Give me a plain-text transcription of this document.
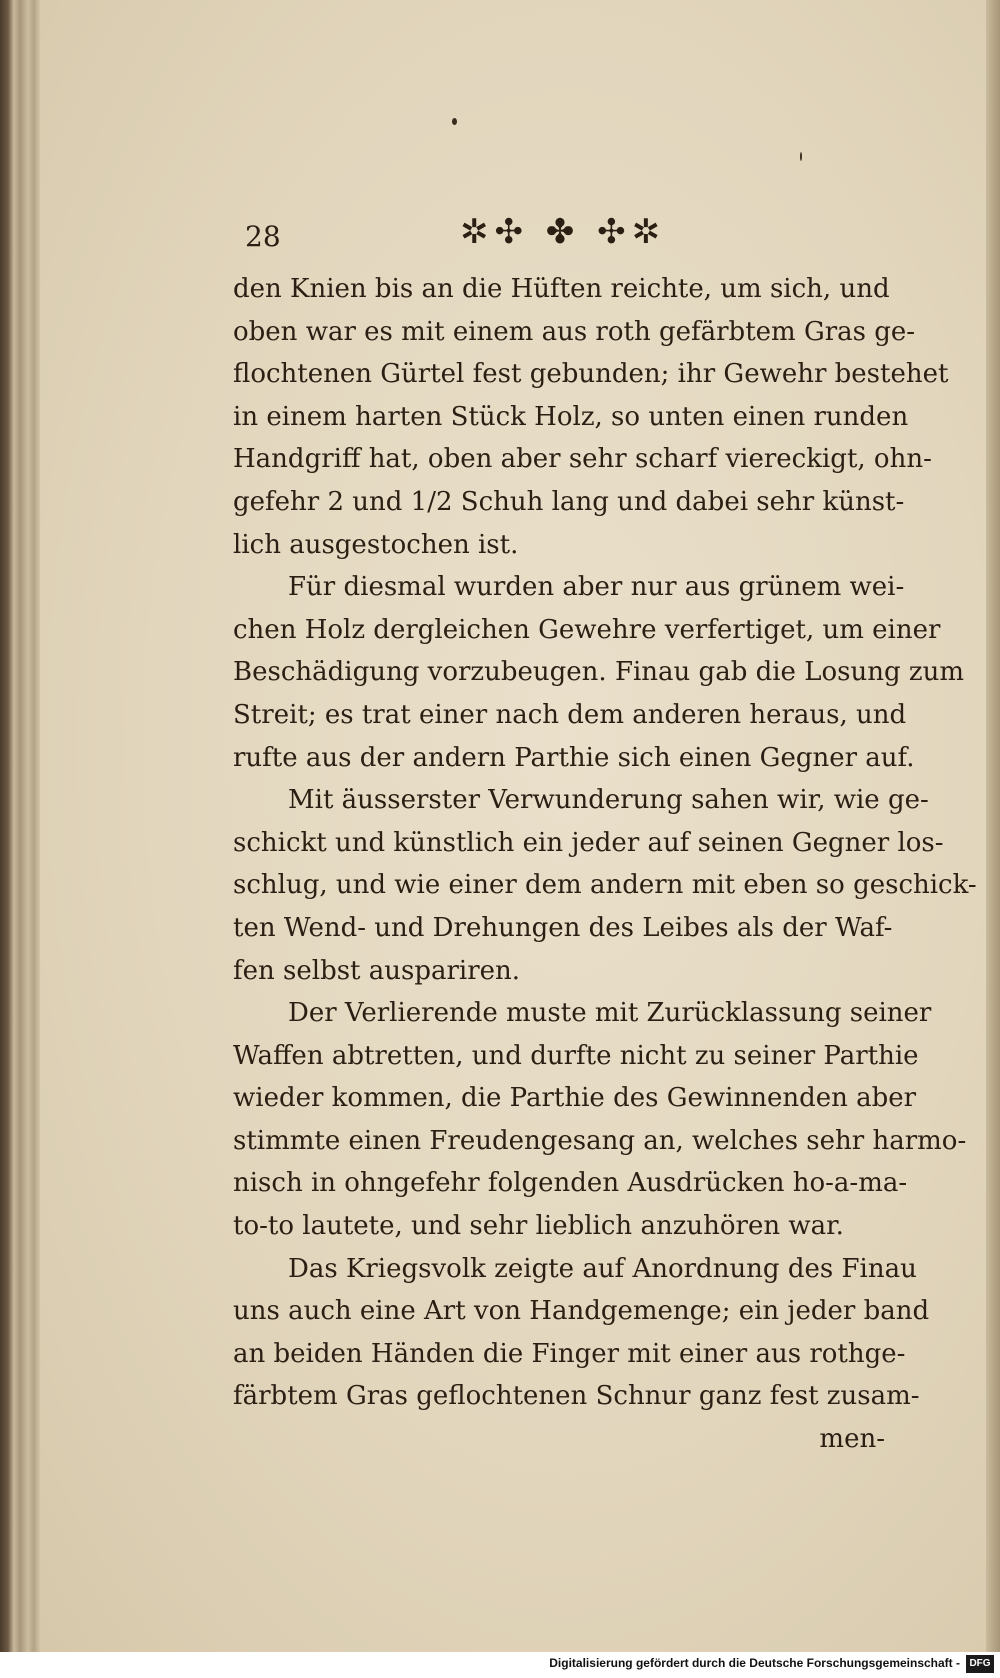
28	✲✣ ✤ ✣✲
den Knien bis an die Hüften reichte, um sich, und
oben war es mit einem aus roth gefärbtem Gras ge-
flochtenen Gürtel fest gebunden; ihr Gewehr bestehet
in einem harten Stück Holz, so unten einen runden
Handgriff hat, oben aber sehr scharf viereckigt, ohn-
gefehr 2 und 1/2 Schuh lang und dabei sehr künst-
lich ausgestochen ist.
Für diesmal wurden aber nur aus grünem wei-
chen Holz dergleichen Gewehre verfertiget, um einer
Beschädigung vorzubeugen. Finau gab die Losung zum
Streit; es trat einer nach dem anderen heraus, und
rufte aus der andern Parthie sich einen Gegner auf.
Mit äusserster Verwunderung sahen wir, wie ge-
schickt und künstlich ein jeder auf seinen Gegner los-
schlug, und wie einer dem andern mit eben so geschick-
ten Wend- und Drehungen des Leibes als der Waf-
fen selbst auspariren.
Der Verlierende muste mit Zurücklassung seiner
Waffen abtretten, und durfte nicht zu seiner Parthie
wieder kommen, die Parthie des Gewinnenden aber
stimmte einen Freudengesang an, welches sehr harmo-
nisch in ohngefehr folgenden Ausdrücken ho-a-ma-
to-to lautete, und sehr lieblich anzuhören war.
Das Kriegsvolk zeigte auf Anordnung des Finau
uns auch eine Art von Handgemenge; ein jeder band
an beiden Händen die Finger mit einer aus rothge-
färbtem Gras geflochtenen Schnur ganz fest zusam-
men-
Digitalisierung gefördert durch die Deutsche Forschungsgemeinschaft - DFG
